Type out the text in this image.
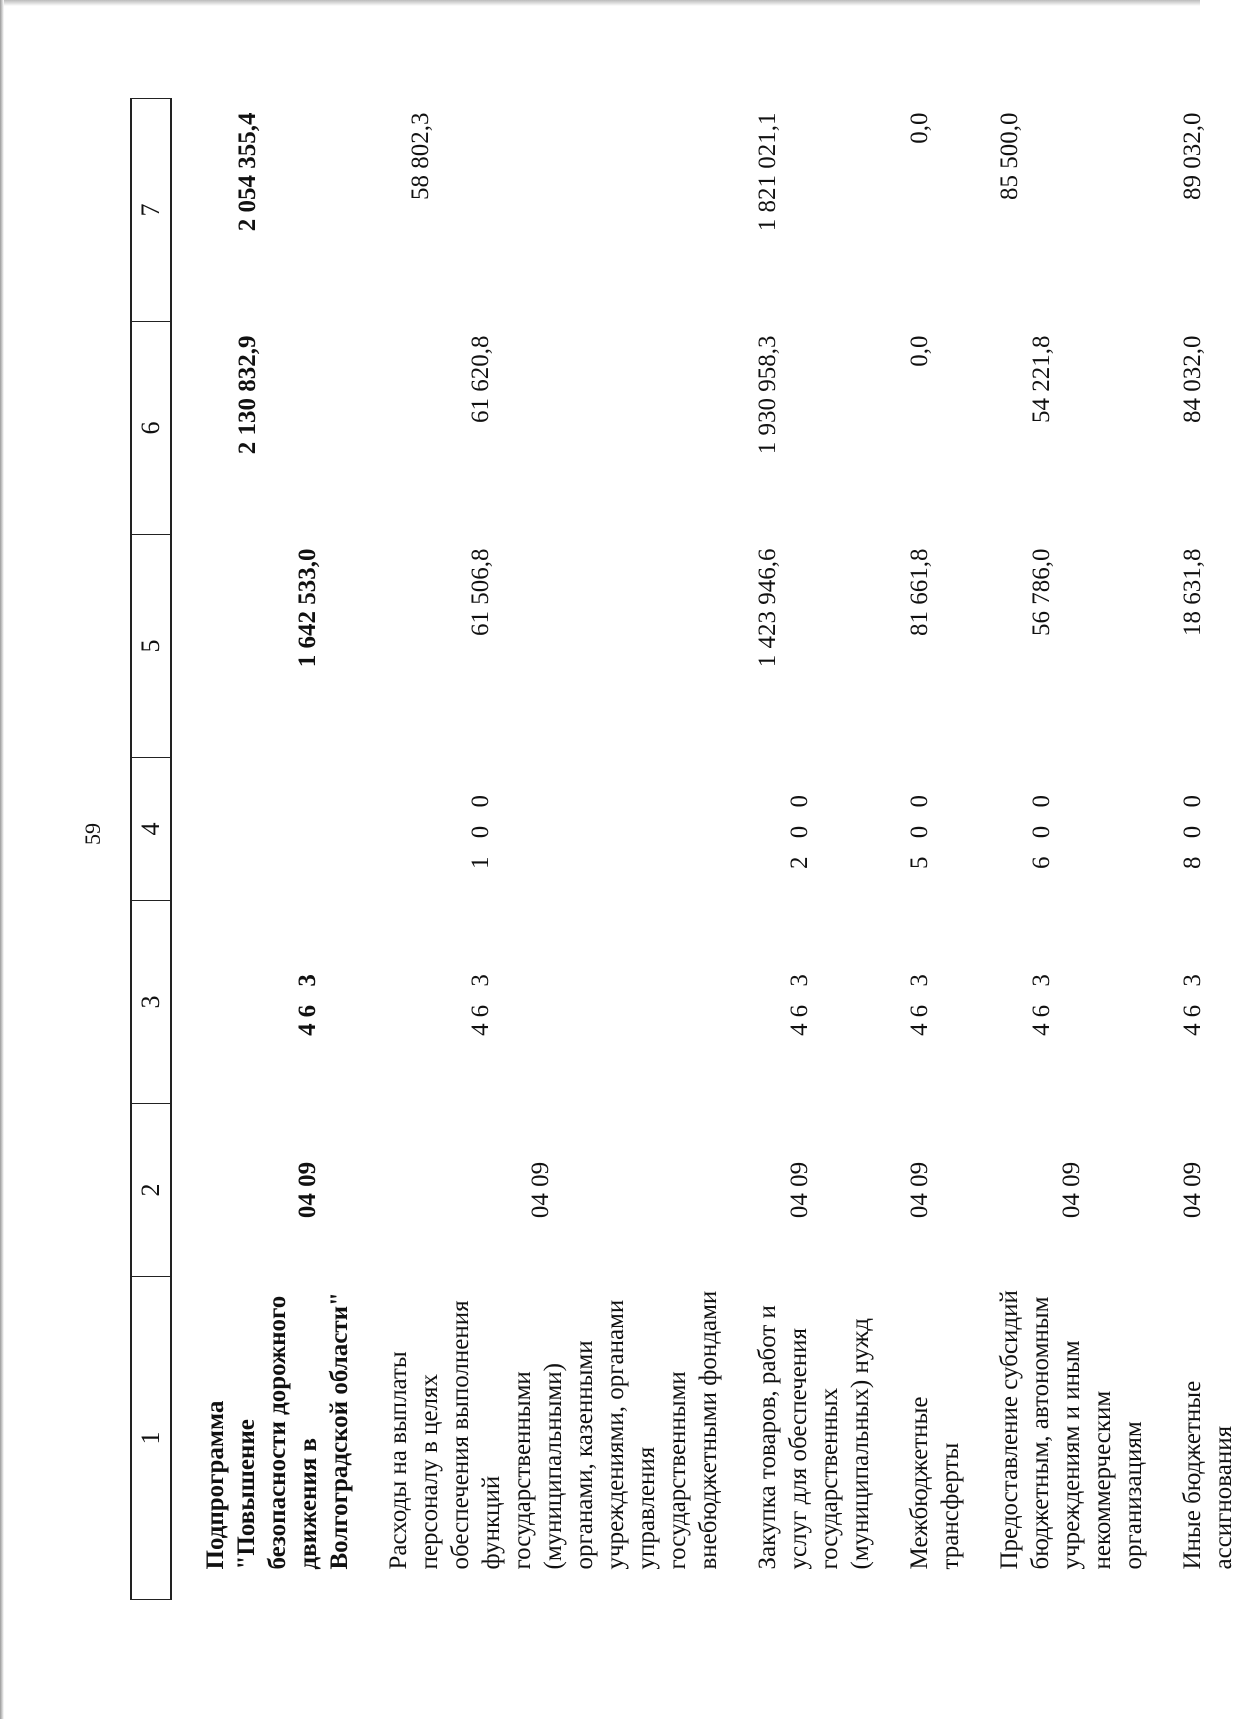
59
1	2	3	4	5	6	7
Подпрограмма "Повышение безопасности дорожного движения в Волгоградской области"	04 09	46 3		1 642 533,0	2 130 832,9	2 054 355,4
Расходы на выплаты персоналу в целях обеспечения выполнения функций государственными (муниципальными) органами, казенными учреждениями, органами управления государственными внебюджетными фондами	04 09	46 3	1 0 0	61 506,8	61 620,8	58 802,3
Закупка товаров, работ и услуг для обеспечения государственных (муниципальных) нужд	04 09	46 3	2 0 0	1 423 946,6	1 930 958,3	1 821 021,1
Межбюджетные трансферты	04 09	46 3	5 0 0	81 661,8	0,0	0,0
Предоставление субсидий бюджетным, автономным учреждениям и иным некоммерческим организациям	04 09	46 3	6 0 0	56 786,0	54 221,8	85 500,0
Иные бюджетные ассигнования	04 09	46 3	8 0 0	18 631,8	84 032,0	89 032,0
